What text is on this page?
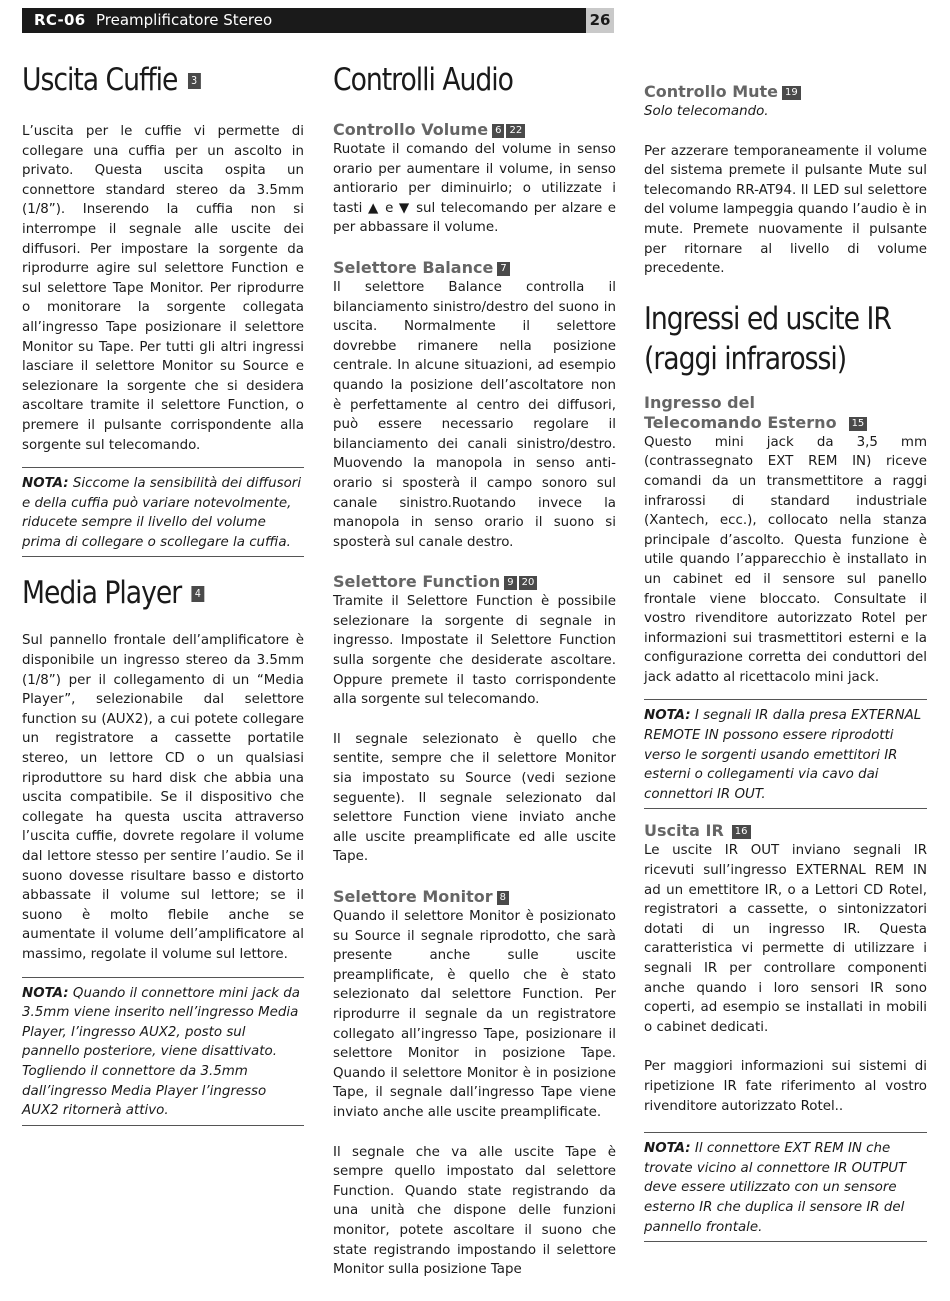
RC-06 Preamplificatore Stereo	26
Uscita Cuffie 3

L’uscita per le cuffie vi permette di collegare una cuffia per un ascolto in privato. Questa uscita ospita un connettore standard stereo da 3.5mm (1/8”). Inserendo la cuffia non si interrompe il segnale alle uscite dei diffusori. Per impostare la sorgente da riprodurre agire sul selettore Function e sul selettore Tape Monitor. Per riprodurre o monitorare la sorgente collegata all’ingresso Tape posizionare il selettore Monitor su Tape. Per tutti gli altri ingressi lasciare il selettore Monitor su Source e selezionare la sorgente che si desidera ascoltare tramite il selettore Function, o premere il pulsante corrispondente alla sorgente sul telecomando.

NOTA: Siccome la sensibilità dei diffusori e della cuffia può variare notevolmente, riducete sempre il livello del volume prima di collegare o scollegare la cuffia.

Media Player 4

Sul pannello frontale dell’amplificatore è disponibile un ingresso stereo da 3.5mm (1/8”) per il collegamento di un “Media Player”, selezionabile dal selettore function su (AUX2), a cui potete collegare un registratore a cassette portatile stereo, un lettore CD o un qualsiasi riproduttore su hard disk che abbia una uscita compatibile. Se il dispositivo che collegate ha questa uscita attraverso l’uscita cuffie, dovrete regolare il volume dal lettore stesso per sentire l’audio. Se il suono dovesse risultare basso e distorto abbassate il volume sul lettore; se il suono è molto flebile anche se aumentate il volume dell’amplificatore al massimo, regolate il volume sul lettore.

NOTA: Quando il connettore mini jack da 3.5mm viene inserito nell’ingresso Media Player, l’ingresso AUX2, posto sul pannello posteriore, viene disattivato. Togliendo il connettore da 3.5mm dall’ingresso Media Player l’ingresso AUX2 ritornerà attivo.

Controlli Audio
Controllo Volume 6 22

Ruotate il comando del volume in senso orario per aumentare il volume, in senso antiorario per diminuirlo; o utilizzate i tasti ▲ e ▼ sul telecomando per alzare e per abbassare il volume.

Selettore Balance 7

Il selettore Balance controlla il bilanciamento sinistro/destro del suono in uscita. Normalmente il selettore dovrebbe rimanere nella posizione centrale. In alcune situazioni, ad esempio quando la posizione dell’ascoltatore non è perfettamente al centro dei diffusori, può essere necessario regolare il bilanciamento dei canali sinistro/destro. Muovendo la manopola in senso anti-orario si sposterà il campo sonoro sul canale sinistro.Ruotando invece la manopola in senso orario il suono si sposterà sul canale destro.

Selettore Function 9 20

Tramite il Selettore Function è possibile selezionare la sorgente di segnale in ingresso. Impostate il Selettore Function sulla sorgente che desiderate ascoltare. Oppure premete il tasto corrispondente alla sorgente sul telecomando.

Il segnale selezionato è quello che sentite, sempre che il selettore Monitor sia impostato su Source (vedi sezione seguente). Il segnale selezionato dal selettore Function viene inviato anche alle uscite preamplificate ed alle uscite Tape.

Selettore Monitor 8

Quando il selettore Monitor è posizionato su Source il segnale riprodotto, che sarà presente anche sulle uscite preamplificate, è quello che è stato selezionato dal selettore Function. Per riprodurre il segnale da un registratore collegato all’ingresso Tape, posizionare il selettore Monitor in posizione Tape. Quando il selettore Monitor è in posizione Tape, il segnale dall’ingresso Tape viene inviato anche alle uscite preamplificate.

Il segnale che va alle uscite Tape è sempre quello impostato dal selettore Function. Quando state registrando da una unità che dispone delle funzioni monitor, potete ascoltare il suono che state registrando impostando il selettore Monitor sulla posizione Tape

Controllo Mute 19

Solo telecomando.

Per azzerare temporaneamente il volume del sistema premete il pulsante Mute sul telecomando RR-AT94. Il LED sul selettore del volume lampeggia quando l’audio è in mute. Premete nuovamente il pulsante per ritornare al livello di volume precedente.

Ingressi ed uscite IR (raggi infrarossi)
Ingresso del
Telecomando Esterno 15

Questo mini jack da 3,5 mm (contrassegnato EXT REM IN) riceve comandi da un transmettitore a raggi infrarossi di standard industriale (Xantech, ecc.), collocato nella stanza principale d’ascolto. Questa funzione è utile quando l’apparecchio è installato in un cabinet ed il sensore sul panello frontale viene bloccato. Consultate il vostro rivenditore autorizzato Rotel per informazioni sui trasmettitori esterni e la configurazione corretta dei conduttori del jack adatto al ricettacolo mini jack.

NOTA: I segnali IR dalla presa EXTERNAL REMOTE IN possono essere riprodotti verso le sorgenti usando emettitori IR esterni o collegamenti via cavo dai connettori IR OUT.

Uscita IR 16

Le uscite IR OUT inviano segnali IR ricevuti sull’ingresso EXTERNAL REM IN ad un emettitore IR, o a Lettori CD Rotel, registratori a cassette, o sintonizzatori dotati di un ingresso IR. Questa caratteristica vi permette di utilizzare i segnali IR per controllare componenti anche quando i loro sensori IR sono coperti, ad esempio se installati in mobili o cabinet dedicati.

Per maggiori informazioni sui sistemi di ripetizione IR fate riferimento al vostro rivenditore autorizzato Rotel..

NOTA: Il connettore EXT REM IN che trovate vicino al connettore IR OUTPUT deve essere utilizzato con un sensore esterno IR che duplica il sensore IR del pannello frontale.
